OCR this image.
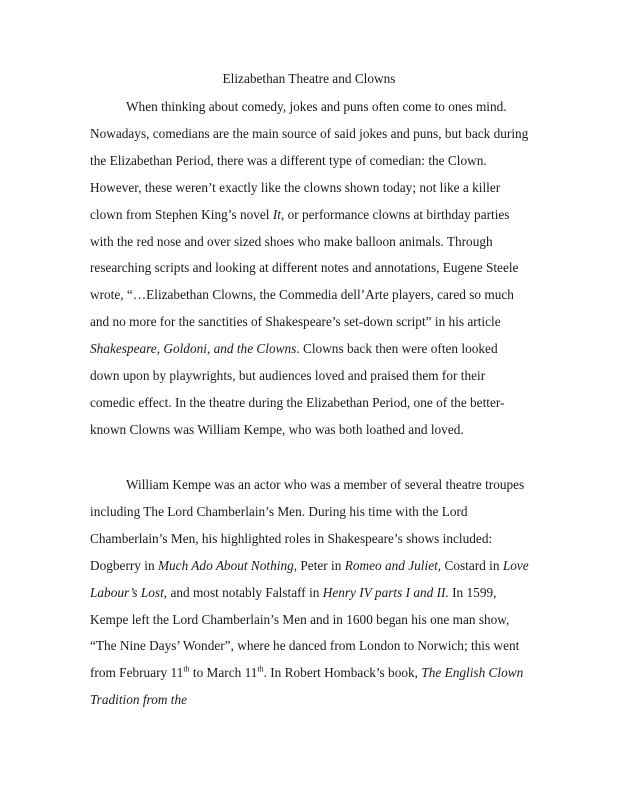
Elizabethan Theatre and Clowns

When thinking about comedy, jokes and puns often come to ones mind. Nowadays, comedians are the main source of said jokes and puns, but back during the Elizabethan Period, there was a different type of comedian: the Clown. However, these weren’t exactly like the clowns shown today; not like a killer clown from Stephen King’s novel It, or performance clowns at birthday parties with the red nose and over sized shoes who make balloon animals. Through researching scripts and looking at different notes and annotations, Eugene Steele wrote, “…Elizabethan Clowns, the Commedia dell’Arte players, cared so much and no more for the sanctities of Shakespeare’s set-down script” in his article Shakespeare, Goldoni, and the Clowns. Clowns back then were often looked down upon by playwrights, but audiences loved and praised them for their comedic effect. In the theatre during the Elizabethan Period, one of the better-known Clowns was William Kempe, who was both loathed and loved.

William Kempe was an actor who was a member of several theatre troupes including The Lord Chamberlain’s Men. During his time with the Lord Chamberlain’s Men, his highlighted roles in Shakespeare’s shows included: Dogberry in Much Ado About Nothing, Peter in Romeo and Juliet, Costard in Love Labour’s Lost, and most notably Falstaff in Henry IV parts I and II. In 1599, Kempe left the Lord Chamberlain’s Men and in 1600 began his one man show, “The Nine Days’ Wonder”, where he danced from London to Norwich; this went from February 11th to March 11th. In Robert Homback’s book, The English Clown Tradition from the
